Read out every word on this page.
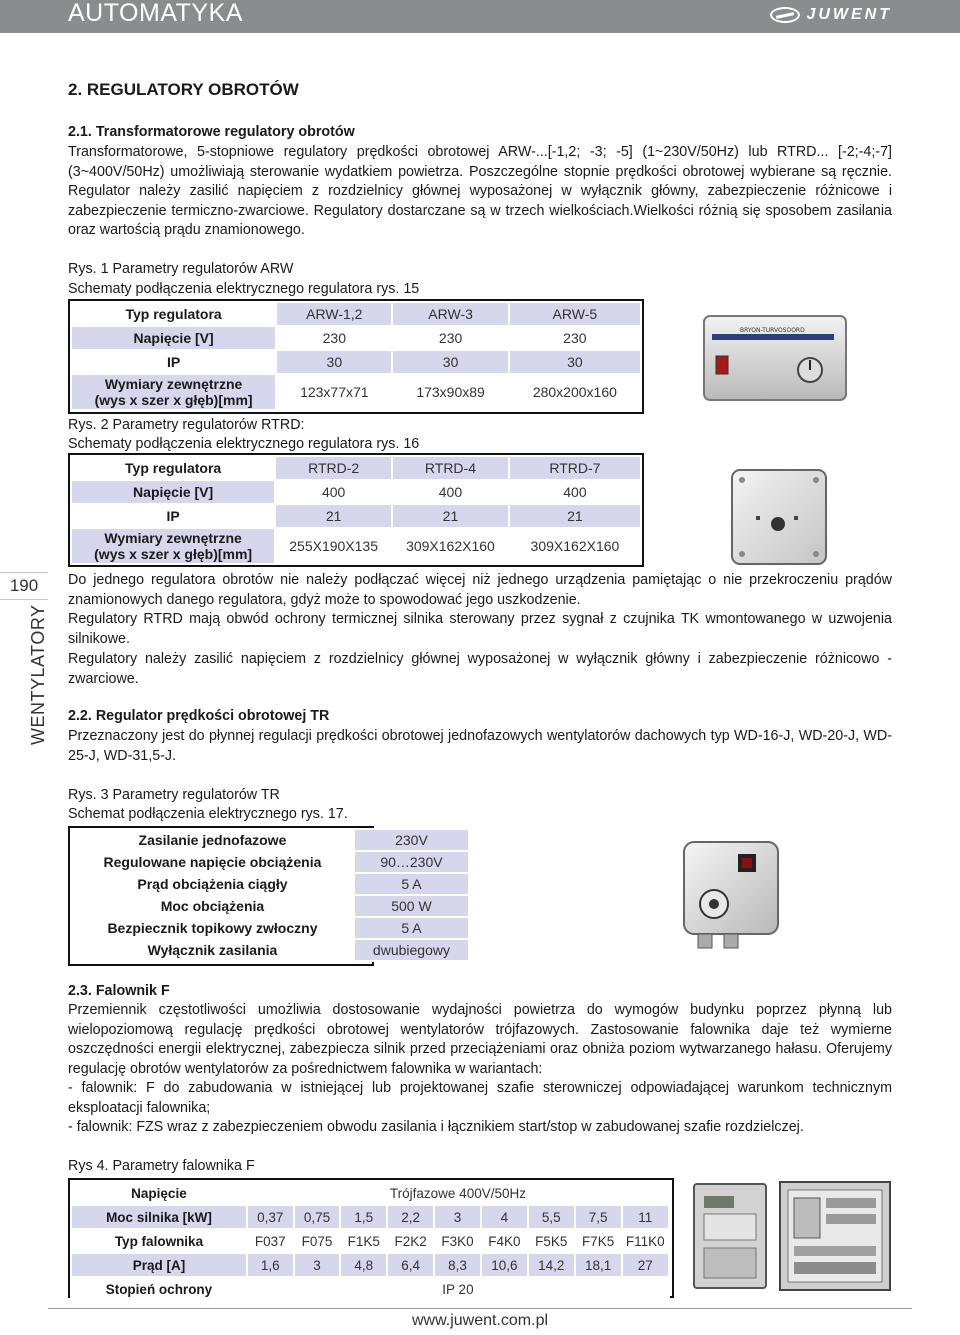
AUTOMATYKA	JUWENT
190
WENTYLATORY
2. REGULATORY OBROTÓW
2.1. Transformatorowe regulatory obrotów
Transformatorowe, 5-stopniowe regulatory prędkości obrotowej ARW-...[-1,2; -3; -5] (1~230V/50Hz) lub RTRD... [-2;-4;-7] (3~400V/50Hz) umożliwiają sterowanie wydatkiem powietrza. Poszczególne stopnie prędkości obrotowej wybierane są ręcznie. Regulator należy zasilić napięciem z rozdzielnicy głównej wyposażonej w wyłącznik główny, zabezpieczenie różnicowe i zabezpieczenie termiczno-zwarciowe. Regulatory dostarczane są w trzech wielkościach.Wielkości różnią się sposobem zasilania oraz wartością prądu znamionowego.
Rys. 1 Parametry regulatorów ARW
Schematy podłączenia elektrycznego regulatora rys. 15
Typ regulatora	ARW-1,2	ARW-3	ARW-5
Napięcie [V]	230	230	230
IP	30	30	30

Wymiary zewnętrzne
(wys x szer x głęb)[mm]	123x77x71	173x90x89	280x200x160
BRYON-TURVOSOORD
Rys. 2 Parametry regulatorów RTRD:
Schematy podłączenia elektrycznego regulatora rys. 16
Typ regulatora	RTRD-2	RTRD-4	RTRD-7
Napięcie [V]	400	400	400
IP	21	21	21

Wymiary zewnętrzne
(wys x szer x głęb)[mm]	255X190X135	309X162X160	309X162X160
Do jednego regulatora obrotów nie należy podłączać więcej niż jednego urządzenia pamiętając o nie przekroczeniu prądów znamionowych danego regulatora, gdyż może to spowodować jego uszkodzenie.
Regulatory RTRD mają obwód ochrony termicznej silnika sterowany przez sygnał z czujnika TK wmontowanego w uzwojenia silnikowe.
Regulatory należy zasilić napięciem z rozdzielnicy głównej wyposażonej w wyłącznik główny i zabezpieczenie różnicowo - zwarciowe.
2.2. Regulator prędkości obrotowej TR
Przeznaczony jest do płynnej regulacji prędkości obrotowej jednofazowych wentylatorów dachowych typ WD-16-J, WD-20-J, WD-25-J, WD-31,5-J.
Rys. 3 Parametry regulatorów TR
Schemat podłączenia elektrycznego rys. 17.
Zasilanie jednofazowe	230V
Regulowane napięcie obciążenia	90…230V
Prąd obciążenia ciągły	5 A
Moc obciążenia	500 W
Bezpiecznik topikowy zwłoczny	5 A
Wyłącznik zasilania	dwubiegowy
2.3. Falownik F
Przemiennik częstotliwości umożliwia dostosowanie wydajności powietrza do wymogów budynku poprzez płynną lub wielopoziomową regulację prędkości obrotowej wentylatorów trójfazowych. Zastosowanie falownika daje też wymierne oszczędności energii elektrycznej, zabezpiecza silnik przed przeciążeniami oraz obniża poziom wytwarzanego hałasu. Oferujemy regulację obrotów wentylatorów za pośrednictwem falownika w wariantach:
- falownik: F do zabudowania w istniejącej lub projektowanej szafie sterowniczej odpowiadającej warunkom technicznym eksploatacji falownika;
- falownik: FZS wraz z zabezpieczeniem obwodu zasilania i łącznikiem start/stop w zabudowanej szafie rozdzielczej.
Rys 4. Parametry falownika F
Napięcie	Trójfazowe 400V/50Hz								
Moc silnika [kW]	0,37	0,75	1,5	2,2	3	4	5,5	7,5	11
Typ falownika	F037	F075	F1K5	F2K2	F3K0	F4K0	F5K5	F7K5	F11K0
Prąd [A]	1,6	3	4,8	6,4	8,3	10,6	14,2	18,1	27
Stopień ochrony	IP 20								
www.juwent.com.pl
